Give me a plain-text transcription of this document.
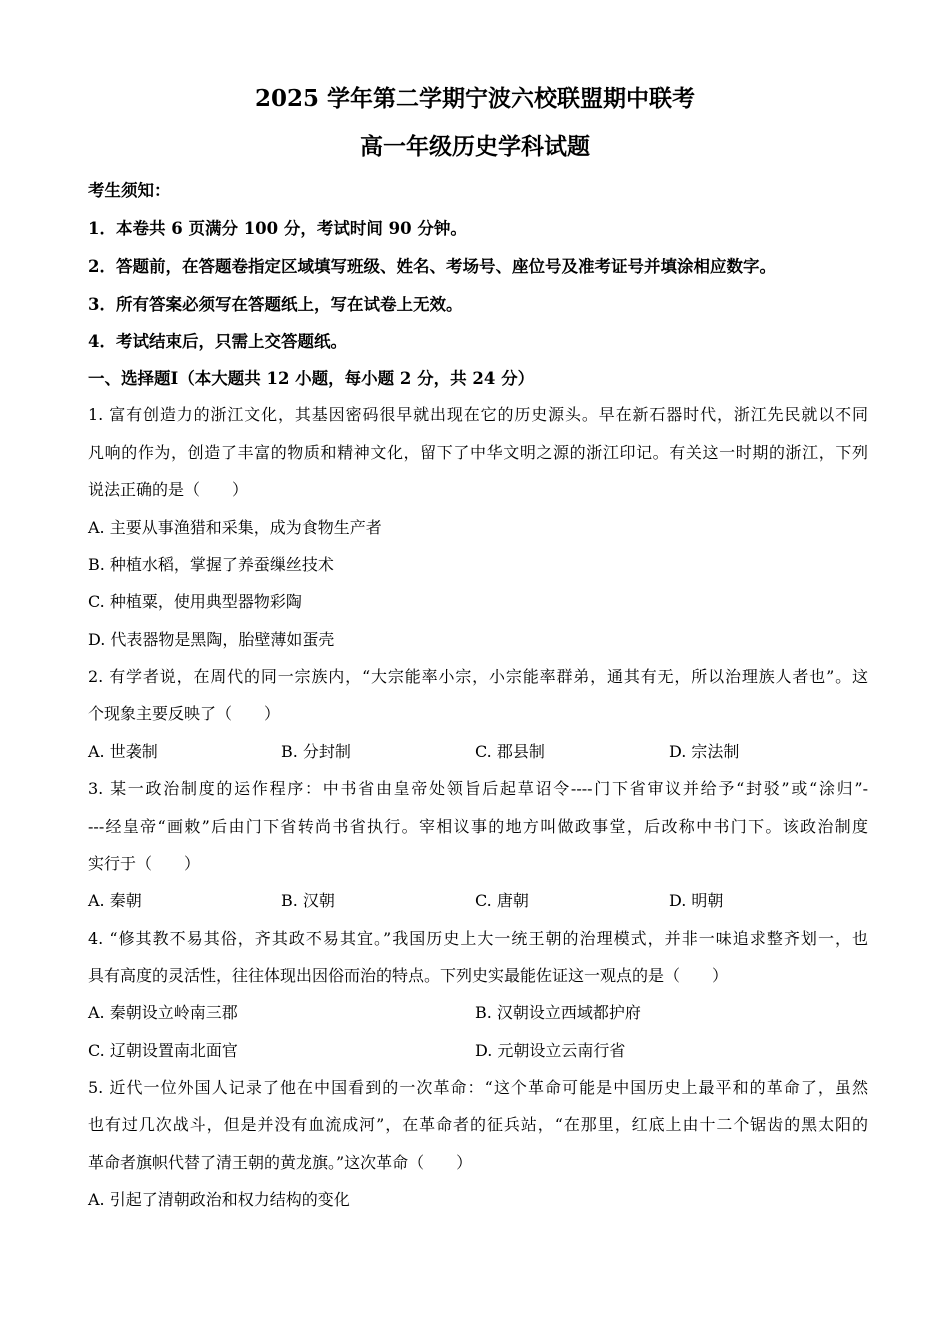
2025 学年第二学期宁波六校联盟期中联考
高一年级历史学科试题
考生须知：
1．本卷共 6 页满分 100 分，考试时间 90 分钟。
2．答题前，在答题卷指定区域填写班级、姓名、考场号、座位号及准考证号并填涂相应数字。
3．所有答案必须写在答题纸上，写在试卷上无效。
4．考试结束后，只需上交答题纸。
一、选择题Ⅰ（本大题共 12 小题，每小题 2 分，共 24 分）
1. 富有创造力的浙江文化，其基因密码很早就出现在它的历史源头。早在新石器时代，浙江先民就以不同
凡响的作为，创造了丰富的物质和精神文化，留下了中华文明之源的浙江印记。有关这一时期的浙江，下列
说法正确的是（　　）
A. 主要从事渔猎和采集，成为食物生产者
B. 种植水稻，掌握了养蚕缫丝技术
C. 种植粟，使用典型器物彩陶
D. 代表器物是黑陶，胎壁薄如蛋壳
2. 有学者说，在周代的同一宗族内，“大宗能率小宗，小宗能率群弟，通其有无，所以治理族人者也”。这
个现象主要反映了（　　）
A. 世袭制	B. 分封制	C. 郡县制	D. 宗法制
3. 某一政治制度的运作程序：中书省由皇帝处领旨后起草诏令----门下省审议并给予“封驳”或“涂归”-
---经皇帝“画敕”后由门下省转尚书省执行。宰相议事的地方叫做政事堂，后改称中书门下。该政治制度
实行于（　　）
A. 秦朝	B. 汉朝	C. 唐朝	D. 明朝
4. “修其教不易其俗，齐其政不易其宜。”我国历史上大一统王朝的治理模式，并非一味追求整齐划一，也
具有高度的灵活性，往往体现出因俗而治的特点。下列史实最能佐证这一观点的是（　　）
A. 秦朝设立岭南三郡	B. 汉朝设立西域都护府
C. 辽朝设置南北面官	D. 元朝设立云南行省
5. 近代一位外国人记录了他在中国看到的一次革命：“这个革命可能是中国历史上最平和的革命了，虽然
也有过几次战斗，但是并没有血流成河”，在革命者的征兵站，“在那里，红底上由十二个锯齿的黑太阳的
革命者旗帜代替了清王朝的黄龙旗。”这次革命（　　）
A. 引起了清朝政治和权力结构的变化
